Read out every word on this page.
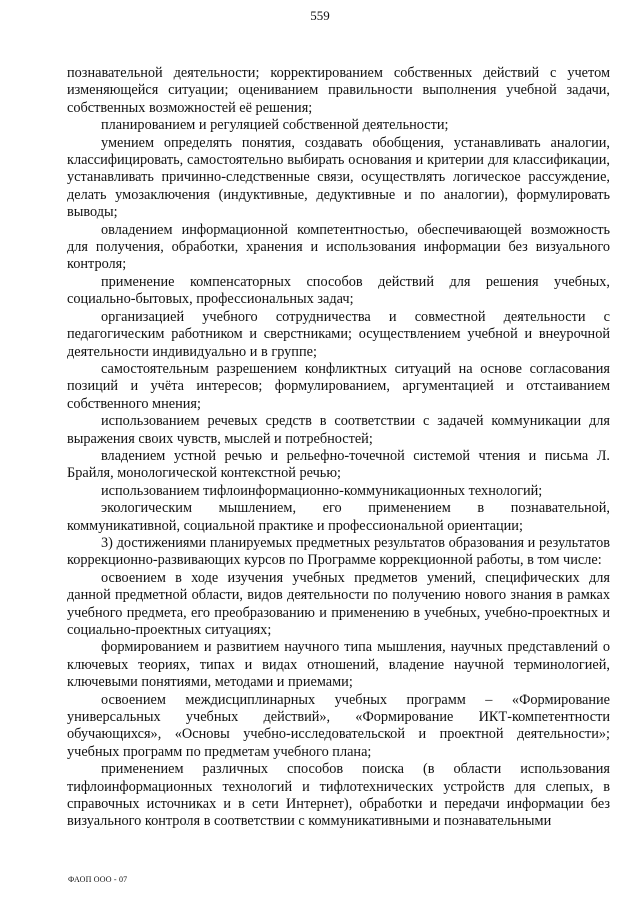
559

познавательной деятельности; корректированием собственных действий с учетом изменяющейся ситуации; оцениванием правильности выполнения учебной задачи, собственных возможностей её решения;

планированием и регуляцией собственной деятельности;

умением определять понятия, создавать обобщения, устанавливать аналогии, классифицировать, самостоятельно выбирать основания и критерии для классификации, устанавливать причинно-следственные связи, осуществлять логическое рассуждение, делать умозаключения (индуктивные, дедуктивные и по аналогии), формулировать выводы;

овладением информационной компетентностью, обеспечивающей возможность для получения, обработки, хранения и использования информации без визуального контроля;

применение компенсаторных способов действий для решения учебных, социально-бытовых, профессиональных задач;

организацией учебного сотрудничества и совместной деятельности с педагогическим работником и сверстниками; осуществлением учебной и внеурочной деятельности индивидуально и в группе;

самостоятельным разрешением конфликтных ситуаций на основе согласования позиций и учёта интересов; формулированием, аргументацией и отстаиванием собственного мнения;

использованием речевых средств в соответствии с задачей коммуникации для выражения своих чувств, мыслей и потребностей;

владением устной речью и рельефно-точечной системой чтения и письма Л. Брайля, монологической контекстной речью;

использованием тифлоинформационно-коммуникационных технологий;

экологическим мышлением, его применением в познавательной, коммуникативной, социальной практике и профессиональной ориентации;

3) достижениями планируемых предметных результатов образования и результатов коррекционно-развивающих курсов по Программе коррекционной работы, в том числе:

освоением в ходе изучения учебных предметов умений, специфических для данной предметной области, видов деятельности по получению нового знания в рамках учебного предмета, его преобразованию и применению в учебных, учебно-проектных и социально-проектных ситуациях;

формированием и развитием научного типа мышления, научных представлений о ключевых теориях, типах и видах отношений, владение научной терминологией, ключевыми понятиями, методами и приемами;

освоением междисциплинарных учебных программ – «Формирование универсальных учебных действий», «Формирование ИКТ-компетентности обучающихся», «Основы учебно-исследовательской и проектной деятельности»; учебных программ по предметам учебного плана;

применением различных способов поиска (в области использования тифлоинформационных технологий и тифлотехнических устройств для слепых, в справочных источниках и в сети Интернет), обработки и передачи информации без визуального контроля в соответствии с коммуникативными и познавательными

ФАОП ООО - 07
